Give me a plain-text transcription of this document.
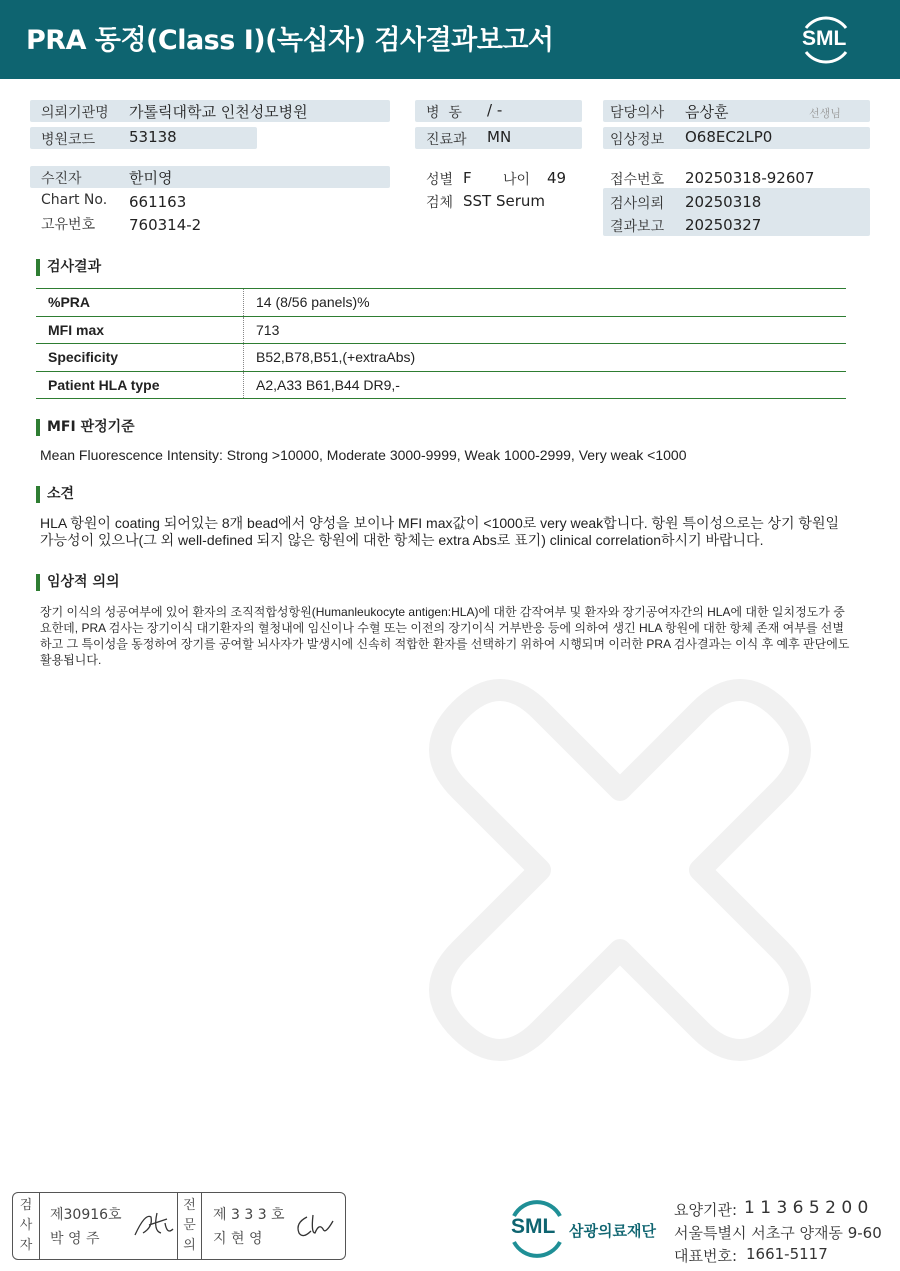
PRA 동정(Class I)(녹십자) 검사결과보고서	SML
의뢰기관명 가톨릭대학교 인천성모병원
병원코드 53138
병  동 / -
진료과 MN
담당의사 음상훈	선생님
임상정보 O68EC2LP0
수진자	한미영
Chart No. 661163
고유번호 760314-2
성별 F 나이 49
검체 SST Serum
접수번호 20250318-92607
검사의뢰 20250318
결과보고 20250327
검사결과
%PRA	14 (8/56 panels)%
MFI max	713
Specificity	B52,B78,B51,(+extraAbs)
Patient HLA type	A2,A33 B61,B44 DR9,-
MFI 판정기준
Mean Fluorescence Intensity: Strong >10000, Moderate 3000-9999, Weak 1000-2999, Very weak <1000
소견
HLA 항원이 coating 되어있는 8개 bead에서 양성을 보이나 MFI max값이 <1000로 very weak합니다. 항원 특이성으로는 상기 항원일
가능성이 있으나(그 외 well-defined 되지 않은 항원에 대한 항체는 extra Abs로 표기) clinical correlation하시기 바랍니다.
임상적 의의
장기 이식의 성공여부에 있어 환자의 조직적합성항원(Humanleukocyte antigen:HLA)에 대한 감작여부 및 환자와 장기공여자간의 HLA에 대한 일치정도가 중요한데, PRA 검사는 장기이식 대기환자의 혈청내에 임신이나 수혈 또는 이전의 장기이식 거부반응 등에 의하여 생긴 HLA 항원에 대한 항체 존재 여부를 선별하고 그 특이성을 동정하여 장기를 공여할 뇌사자가 발생시에 신속히 적합한 환자를 선택하기 위하여 시행되며 이러한 PRA 검사결과는 이식 후 예후 판단에도 활용됩니다.
검
사
자
제30916호
박 영 주
전
문
의
제 3 3 3 호
지 현 영
SML 삼광의료재단
요양기관: 1 1 3 6 5 2 0 0
서울특별시 서초구 양재동 9-60
대표번호: 1661-5117
